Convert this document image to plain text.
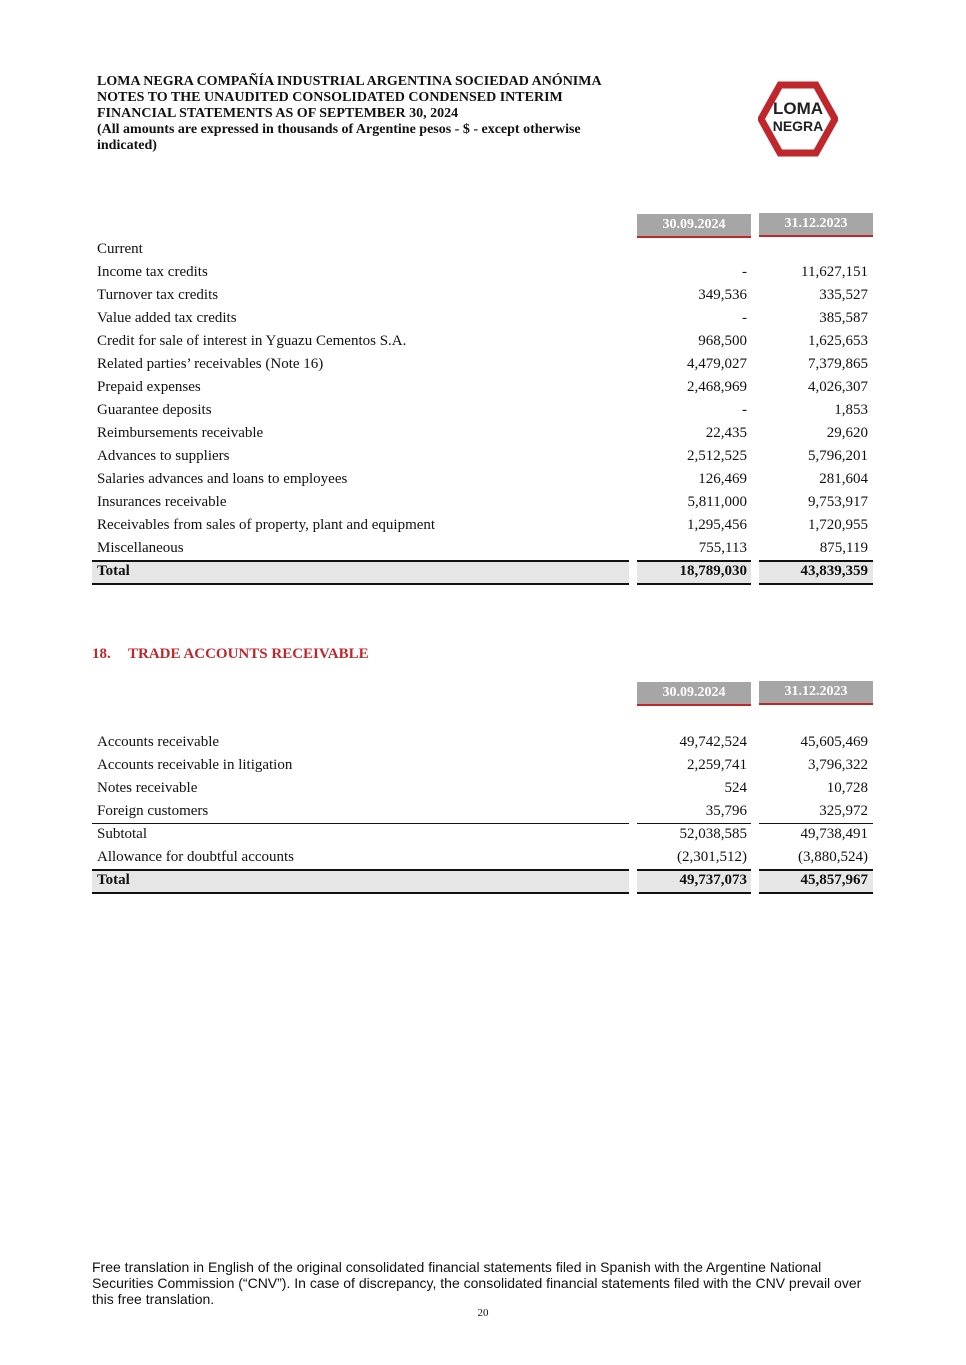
LOMA NEGRA COMPAÑÍA INDUSTRIAL ARGENTINA SOCIEDAD ANÓNIMA
NOTES TO THE UNAUDITED CONSOLIDATED CONDENSED INTERIM
FINANCIAL STATEMENTS AS OF SEPTEMBER 30, 2024
(All amounts are expressed in thousands of Argentine pesos - $ - except otherwise
indicated)
LOMA
NEGRA
30.09.2024	31.12.2023
Current
Income tax credits	-	11,627,151
Turnover tax credits	349,536	335,527
Value added tax credits	-	385,587
Credit for sale of interest in Yguazu Cementos S.A.	968,500	1,625,653
Related parties’ receivables (Note 16)	4,479,027	7,379,865
Prepaid expenses	2,468,969	4,026,307
Guarantee deposits	-	1,853
Reimbursements receivable	22,435	29,620
Advances to suppliers	2,512,525	5,796,201
Salaries advances and loans to employees	126,469	281,604
Insurances receivable	5,811,000	9,753,917
Receivables from sales of property, plant and equipment	1,295,456	1,720,955
Miscellaneous	755,113	875,119
Total	18,789,030	43,839,359
18. TRADE ACCOUNTS RECEIVABLE
30.09.2024	31.12.2023
Accounts receivable	49,742,524	45,605,469
Accounts receivable in litigation	2,259,741	3,796,322
Notes receivable	524	10,728
Foreign customers	35,796	325,972
Subtotal	52,038,585	49,738,491
Allowance for doubtful accounts	(2,301,512)	(3,880,524)
Total	49,737,073	45,857,967
Free translation in English of the original consolidated financial statements filed in Spanish with the Argentine National Securities Commission (“CNV”). In case of discrepancy, the consolidated financial statements filed with the CNV prevail over this free translation.
20
